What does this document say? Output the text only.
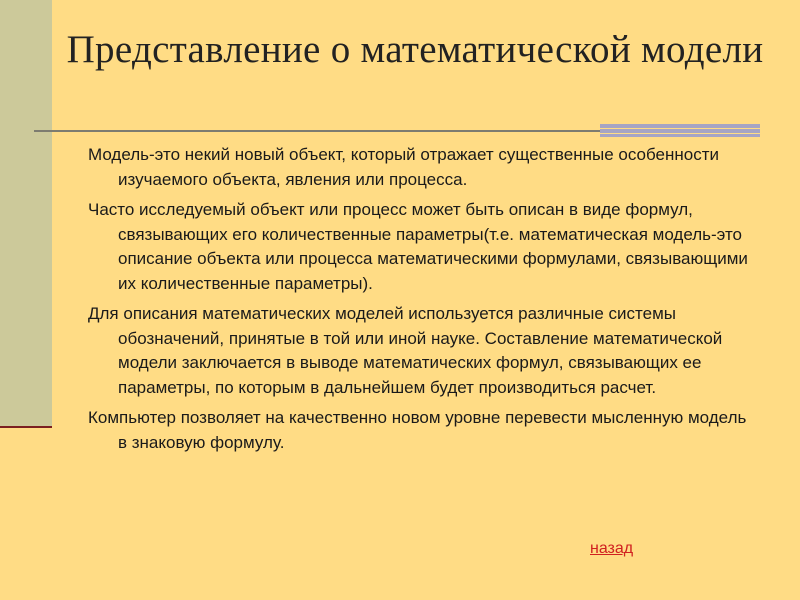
Представление о математической модели

Модель-это некий новый объект, который отражает существенные особенности изучаемого объекта, явления или процесса.

Часто исследуемый объект или процесс может быть описан в виде формул, связывающих его количественные параметры(т.е. математическая модель-это описание объекта или процесса математическими формулами, связывающими их количественные параметры).

Для описания математических моделей используется различные системы обозначений, принятые в той или иной науке. Составление математической модели заключается в выводе математических формул, связывающих ее параметры, по которым в дальнейшем будет производиться расчет.

Компьютер позволяет на качественно новом уровне перевести мысленную модель в знаковую формулу.

назад
